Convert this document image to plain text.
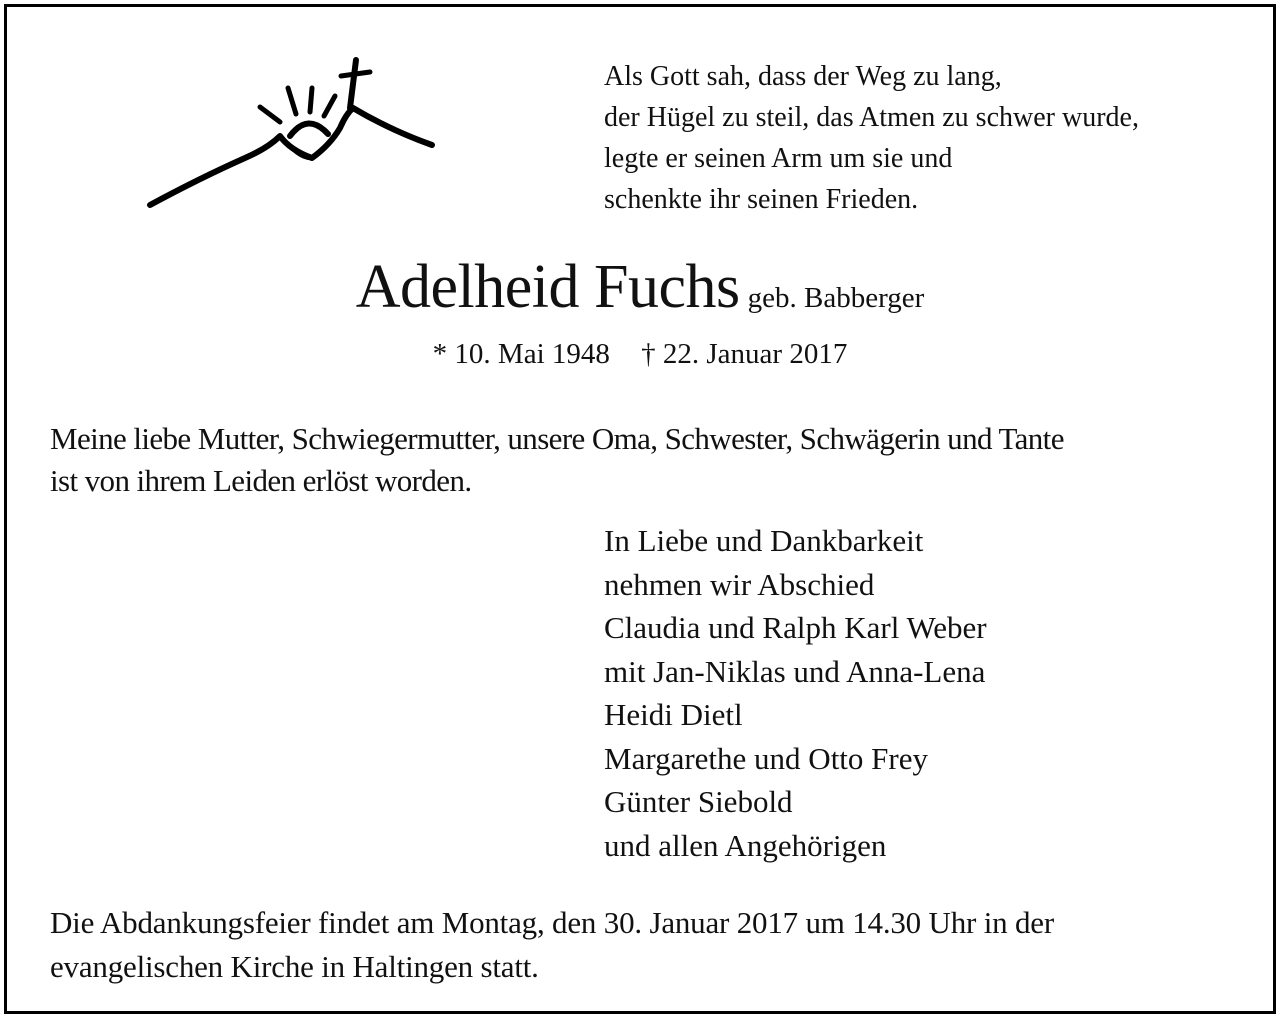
Als Gott sah, dass der Weg zu lang,
der Hügel zu steil, das Atmen zu schwer wurde,
legte er seinen Arm um sie und
schenkte ihr seinen Frieden.
Adelheid Fuchs geb. Babberger
* 10. Mai 1948 † 22. Januar 2017
Meine liebe Mutter, Schwiegermutter, unsere Oma, Schwester, Schwägerin und Tante
ist von ihrem Leiden erlöst worden.
In Liebe und Dankbarkeit
nehmen wir Abschied
Claudia und Ralph Karl Weber
mit Jan-Niklas und Anna-Lena
Heidi Dietl
Margarethe und Otto Frey
Günter Siebold
und allen Angehörigen
Die Abdankungsfeier findet am Montag, den 30. Januar 2017 um 14.30 Uhr in der
evangelischen Kirche in Haltingen statt.
